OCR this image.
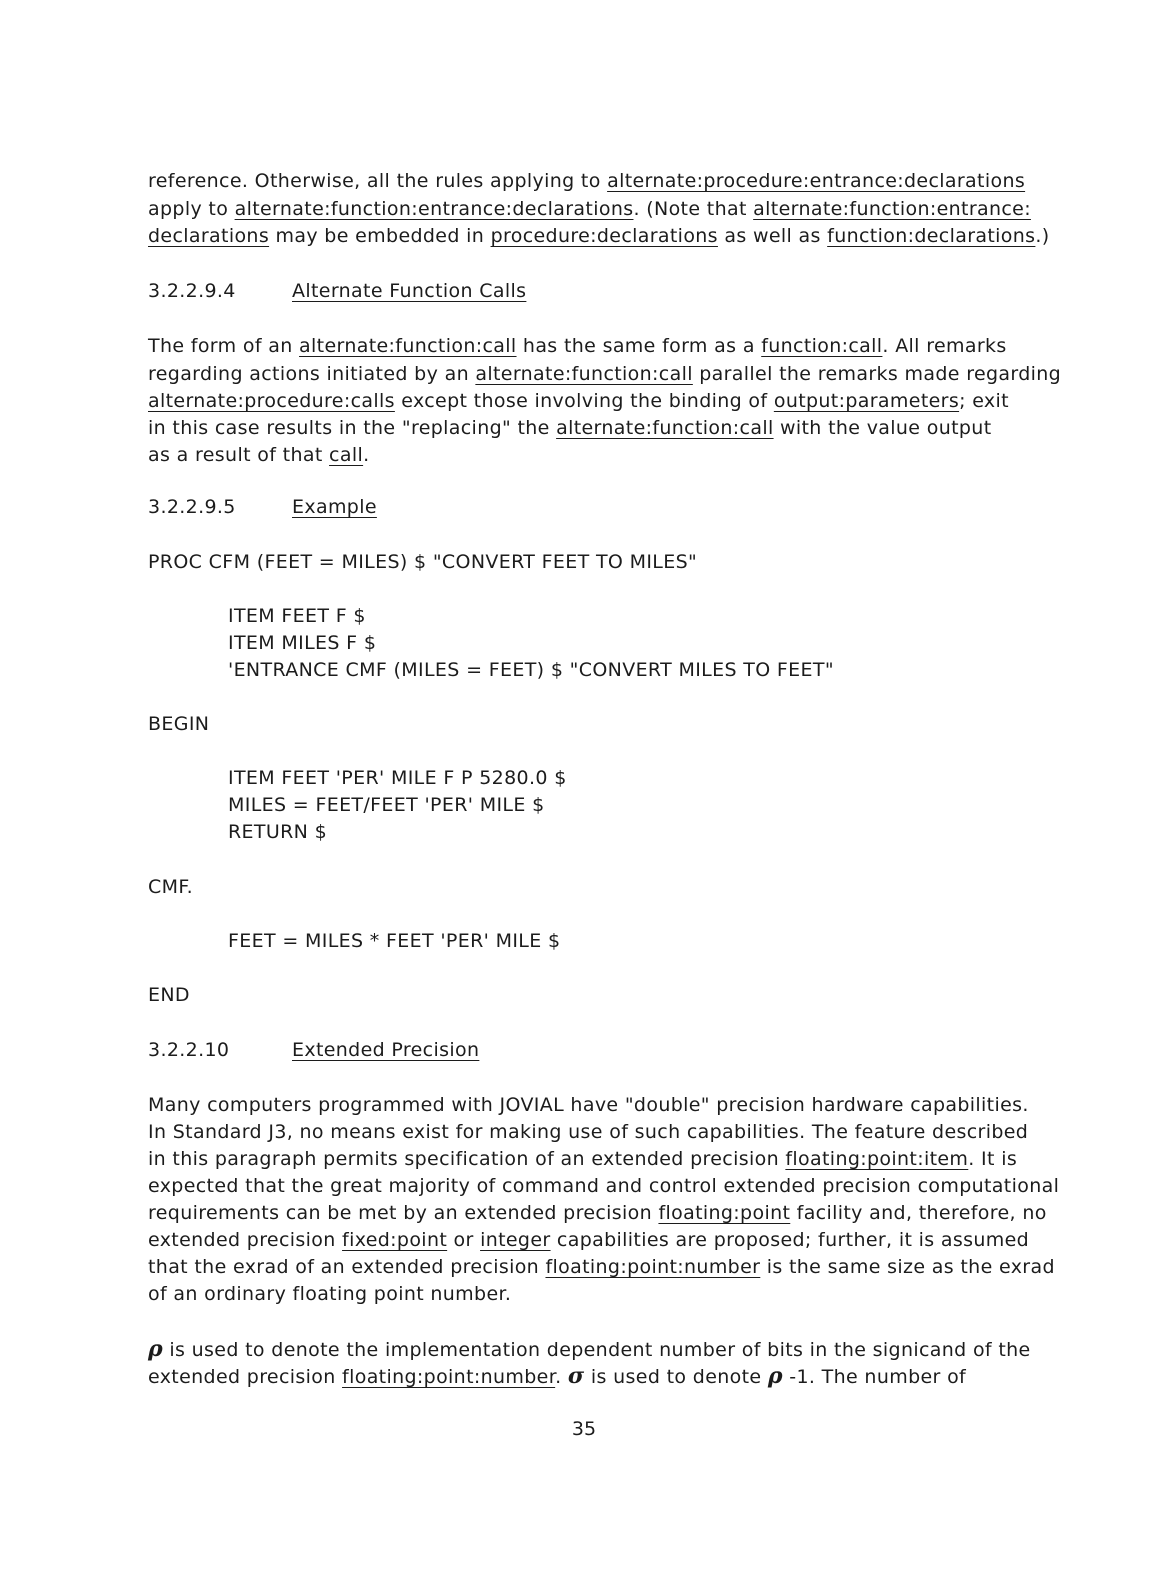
reference. Otherwise, all the rules applying to alternate:procedure:entrance:declarations
apply to alternate:function:entrance:declarations. (Note that alternate:function:entrance:
declarations may be embedded in procedure:declarations as well as function:declarations.)
3.2.2.9.4	Alternate Function Calls
The form of an alternate:function:call has the same form as a function:call. All remarks
regarding actions initiated by an alternate:function:call parallel the remarks made regarding
alternate:procedure:calls except those involving the binding of output:parameters; exit
in this case results in the "replacing" the alternate:function:call with the value output
as a result of that call.
3.2.2.9.5	Example
PROC CFM (FEET = MILES) $ "CONVERT FEET TO MILES"
ITEM FEET F $
ITEM MILES F $
'ENTRANCE CMF (MILES = FEET) $ "CONVERT MILES TO FEET"
BEGIN
ITEM FEET 'PER' MILE F P 5280.0 $
MILES = FEET/FEET 'PER' MILE $
RETURN $
CMF.
FEET = MILES * FEET 'PER' MILE $
END
3.2.2.10	Extended Precision
Many computers programmed with JOVIAL have "double" precision hardware capabilities.
In Standard J3, no means exist for making use of such capabilities. The feature described
in this paragraph permits specification of an extended precision floating:point:item. It is
expected that the great majority of command and control extended precision computational
requirements can be met by an extended precision floating:point facility and, therefore, no
extended precision fixed:point or integer capabilities are proposed; further, it is assumed
that the exrad of an extended precision floating:point:number is the same size as the exrad
of an ordinary floating point number.
ρ is used to denote the implementation dependent number of bits in the signicand of the
extended precision floating:point:number. σ is used to denote ρ -1. The number of
35
